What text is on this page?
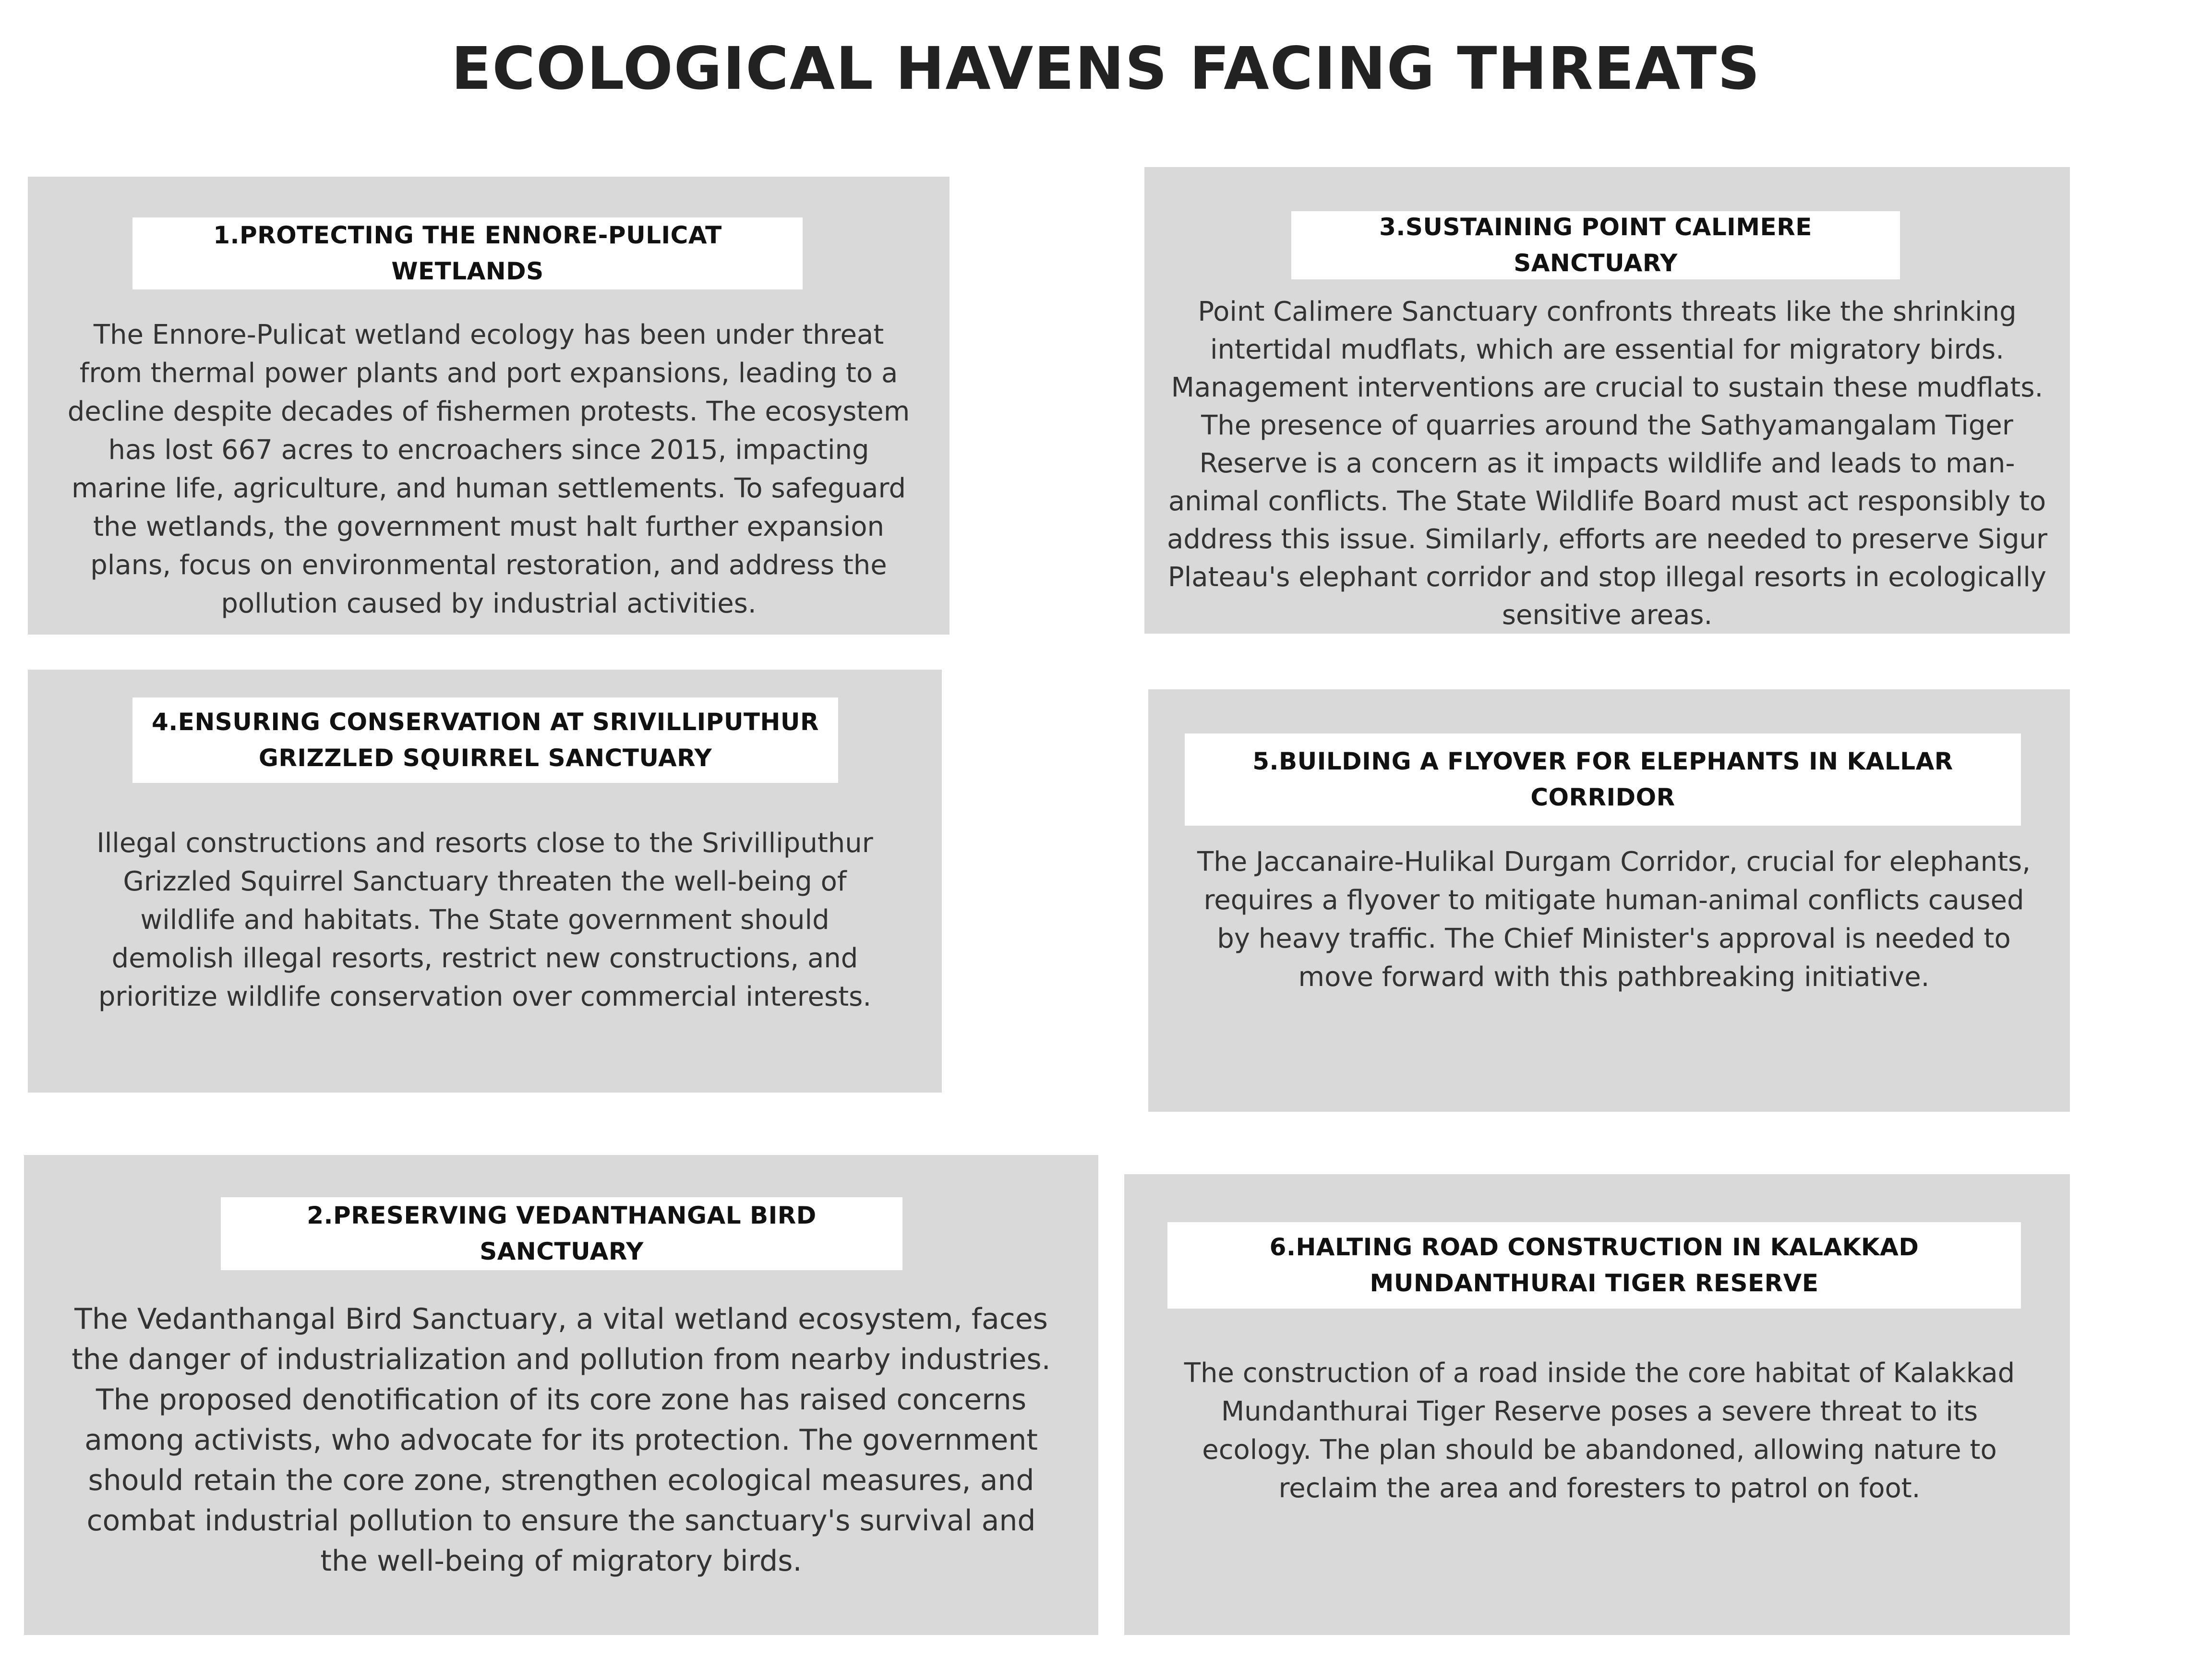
ECOLOGICAL HAVENS FACING THREATS
1.PROTECTING THE ENNORE-PULICAT WETLANDS

The Ennore-Pulicat wetland ecology has been under threat from thermal power plants and port expansions, leading to a decline despite decades of fishermen protests. The ecosystem has lost 667 acres to encroachers since 2015, impacting marine life, agriculture, and human settlements. To safeguard the wetlands, the government must halt further expansion plans, focus on environmental restoration, and address the pollution caused by industrial activities.

3.SUSTAINING POINT CALIMERE SANCTUARY

Point Calimere Sanctuary confronts threats like the shrinking intertidal mudflats, which are essential for migratory birds. Management interventions are crucial to sustain these mudflats. The presence of quarries around the Sathyamangalam Tiger Reserve is a concern as it impacts wildlife and leads to man-animal conflicts. The State Wildlife Board must act responsibly to address this issue. Similarly, efforts are needed to preserve Sigur Plateau's elephant corridor and stop illegal resorts in ecologically sensitive areas.

4.ENSURING CONSERVATION AT SRIVILLIPUTHUR GRIZZLED SQUIRREL SANCTUARY

Illegal constructions and resorts close to the Srivilliputhur Grizzled Squirrel Sanctuary threaten the well-being of wildlife and habitats. The State government should demolish illegal resorts, restrict new constructions, and prioritize wildlife conservation over commercial interests.

5.BUILDING A FLYOVER FOR ELEPHANTS IN KALLAR CORRIDOR

The Jaccanaire-Hulikal Durgam Corridor, crucial for elephants, requires a flyover to mitigate human-animal conflicts caused by heavy traffic. The Chief Minister's approval is needed to move forward with this pathbreaking initiative.

2.PRESERVING VEDANTHANGAL BIRD SANCTUARY

The Vedanthangal Bird Sanctuary, a vital wetland ecosystem, faces the danger of industrialization and pollution from nearby industries. The proposed denotification of its core zone has raised concerns among activists, who advocate for its protection. The government should retain the core zone, strengthen ecological measures, and combat industrial pollution to ensure the sanctuary's survival and the well-being of migratory birds.

6.HALTING ROAD CONSTRUCTION IN KALAKKAD MUNDANTHURAI TIGER RESERVE

The construction of a road inside the core habitat of Kalakkad Mundanthurai Tiger Reserve poses a severe threat to its ecology. The plan should be abandoned, allowing nature to reclaim the area and foresters to patrol on foot.
